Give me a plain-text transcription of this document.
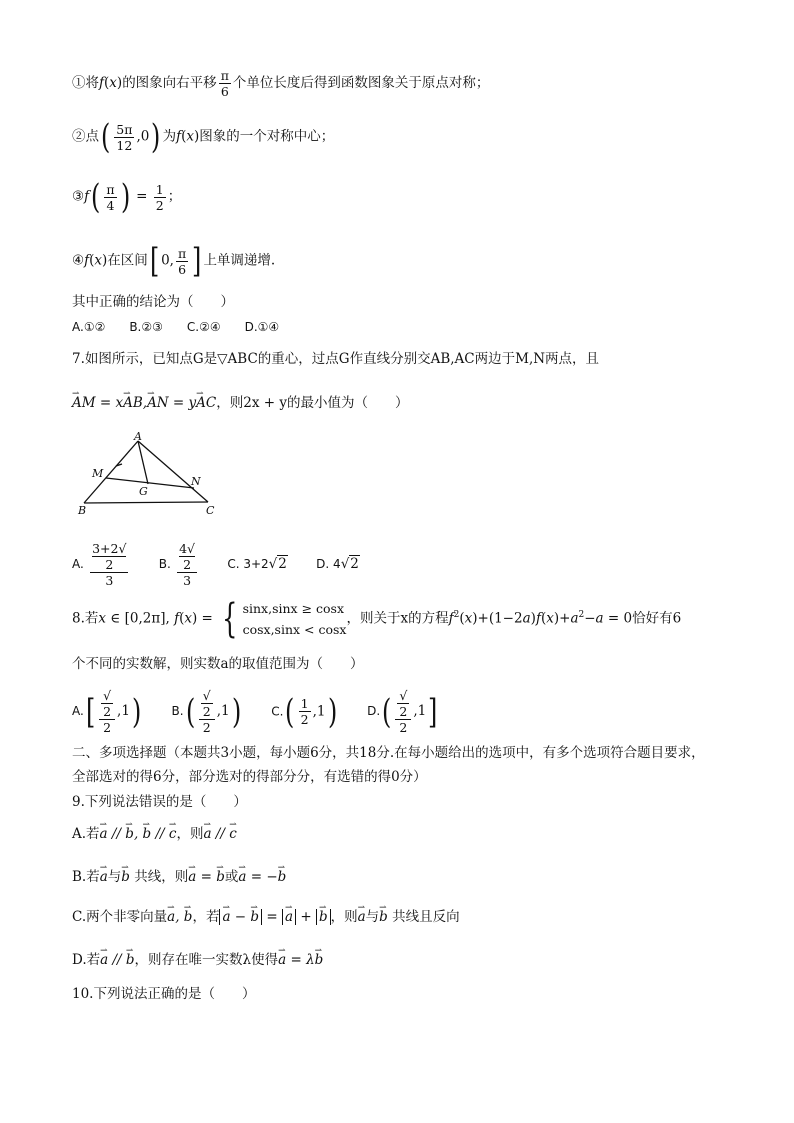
①将f(x)的图象向右平移 $\frac{\pi}{6}$ 个单位长度后得到函数图象关于原点对称；
②点( $\frac{5\pi}{12} ,0$) 为f(x)图象的一个对称中心；
③f( $\frac{\pi}{4}$ ) = $\frac{1}{2}$ ；
④f(x)在区间[ 0, $\frac{\pi}{6}$ ] 上单调递增.
其中正确的结论为（　　）
A.①② B.②③ C.②④ D.①④
7.如图所示，已知点G是▽ABC的重心，过点G作直线分别交AB,AC两边于M,N两点，且
⇀ AM = x⇀ AB,⇀ AN = y⇀ AC，则2x + y的最小值为（　　）
A
M
G
N
B	C
A. 3+2√
2
3	B. 4√
2
3	C. 3+2√2 D. 4√2
8.若x ∈ [0,2π], f(x) = { sinx,sinx ≥ cosx
cosx,sinx < cosx，则关于x的方程$f^2(x)+(1-2a)f(x)+a^2-a = 0$恰好有6
个不同的实数解，则实数a的取值范围为（　　）
A.[ √
2
2 ,1)	B.( √
2
2 ,1)	$C.( \frac{1}{2} ,1)$	D.( √
2
2 ,1]
二、多项选择题（本题共3小题，每小题6分，共18分.在每小题给出的选项中，有多个选项符合题目要求，
全部选对的得6分，部分选对的得部分分，有选错的得0分）
9.下列说法错误的是（　　）
A.若⇀ a // ⇀ b, ⇀ b // ⇀ c，则⇀ a // ⇀ c
B.若⇀ a与⇀ b 共线，则⇀ a = ⇀ b或⇀ a = −⇀ b
C.两个非零向量⇀ a, ⇀ b，若⇀ a − ⇀ b = ⇀ a + ⇀ b ，则⇀ a与⇀ b 共线且反向
D.若⇀ a // ⇀ b，则存在唯一实数λ使得⇀ a = λ⇀ b
10.下列说法正确的是（　　）
